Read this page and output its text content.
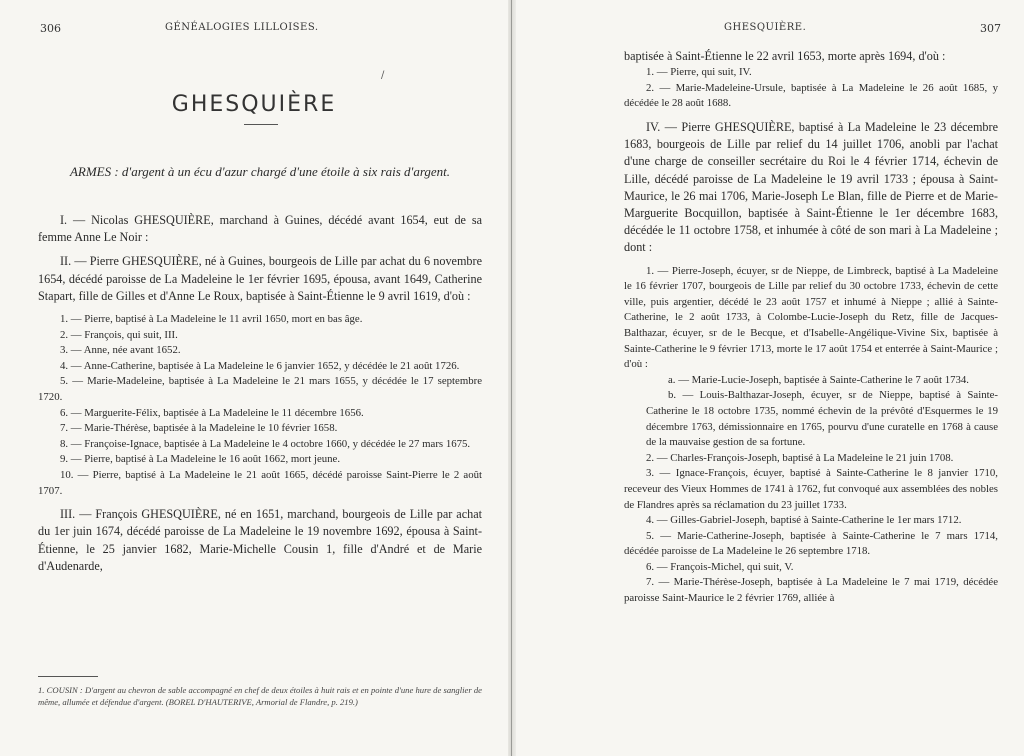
306	GÉNÉALOGIES LILLOISES.
/
GHESQUIÈRE
ARMES : d'argent à un écu d'azur chargé d'une étoile à six rais d'argent.

I. — Nicolas GHESQUIÈRE, marchand à Guines, décédé avant 1654, eut de sa femme Anne Le Noir :

II. — Pierre GHESQUIÈRE, né à Guines, bourgeois de Lille par achat du 6 novembre 1654, décédé paroisse de La Madeleine le 1er février 1695, épousa, avant 1649, Catherine Stapart, fille de Gilles et d'Anne Le Roux, baptisée à Saint-Étienne le 9 avril 1619, d'où :

1. — Pierre, baptisé à La Madeleine le 11 avril 1650, mort en bas âge.

2. — François, qui suit, III.

3. — Anne, née avant 1652.

4. — Anne-Catherine, baptisée à La Madeleine le 6 janvier 1652, y décédée le 21 août 1726.

5. — Marie-Madeleine, baptisée à La Madeleine le 21 mars 1655, y décédée le 17 septembre 1720.

6. — Marguerite-Félix, baptisée à La Madeleine le 11 décembre 1656.

7. — Marie-Thérèse, baptisée à la Madeleine le 10 février 1658.

8. — Françoise-Ignace, baptisée à La Madeleine le 4 octobre 1660, y décédée le 27 mars 1675.

9. — Pierre, baptisé à La Madeleine le 16 août 1662, mort jeune.

10. — Pierre, baptisé à La Madeleine le 21 août 1665, décédé paroisse Saint-Pierre le 2 août 1707.

III. — François GHESQUIÈRE, né en 1651, marchand, bourgeois de Lille par achat du 1er juin 1674, décédé paroisse de La Madeleine le 19 novembre 1692, épousa à Saint-Étienne, le 25 janvier 1682, Marie-Michelle Cousin 1, fille d'André et de Marie d'Audenarde,

1. COUSIN : D'argent au chevron de sable accompagné en chef de deux étoiles à huit rais et en pointe d'une hure de sanglier de même, allumée et défendue d'argent. (BOREL D'HAUTERIVE, Armorial de Flandre, p. 219.)
GHESQUIÈRE.	307

baptisée à Saint-Étienne le 22 avril 1653, morte après 1694, d'où :

1. — Pierre, qui suit, IV.

2. — Marie-Madeleine-Ursule, baptisée à La Madeleine le 26 août 1685, y décédée le 28 août 1688.

IV. — Pierre GHESQUIÈRE, baptisé à La Madeleine le 23 décembre 1683, bourgeois de Lille par relief du 14 juillet 1706, anobli par l'achat d'une charge de conseiller secrétaire du Roi le 4 février 1714, échevin de Lille, décédé paroisse de La Madeleine le 19 avril 1733 ; épousa à Saint-Maurice, le 26 mai 1706, Marie-Joseph Le Blan, fille de Pierre et de Marie-Marguerite Bocquillon, baptisée à Saint-Étienne le 1er décembre 1683, décédée le 11 octobre 1758, et inhumée à côté de son mari à La Madeleine ; dont :

1. — Pierre-Joseph, écuyer, sr de Nieppe, de Limbreck, baptisé à La Madeleine le 16 février 1707, bourgeois de Lille par relief du 30 octobre 1733, échevin de cette ville, puis argentier, décédé le 23 août 1757 et inhumé à Nieppe ; allié à Sainte-Catherine, le 2 août 1733, à Colombe-Lucie-Joseph du Retz, fille de Jacques-Balthazar, écuyer, sr de le Becque, et d'Isabelle-Angélique-Vivine Six, baptisée à Sainte-Catherine le 9 février 1713, morte le 17 août 1754 et enterrée à Saint-Maurice ; d'où :

a. — Marie-Lucie-Joseph, baptisée à Sainte-Catherine le 7 août 1734.

b. — Louis-Balthazar-Joseph, écuyer, sr de Nieppe, baptisé à Sainte-Catherine le 18 octobre 1735, nommé échevin de la prévôté d'Esquermes le 19 décembre 1763, démissionnaire en 1765, pourvu d'une curatelle en 1768 à cause de la mauvaise gestion de sa fortune.

2. — Charles-François-Joseph, baptisé à La Madeleine le 21 juin 1708.

3. — Ignace-François, écuyer, baptisé à Sainte-Catherine le 8 janvier 1710, receveur des Vieux Hommes de 1741 à 1762, fut convoqué aux assemblées des nobles de Flandres après sa réclamation du 23 juillet 1733.

4. — Gilles-Gabriel-Joseph, baptisé à Sainte-Catherine le 1er mars 1712.

5. — Marie-Catherine-Joseph, baptisée à Sainte-Catherine le 7 mars 1714, décédée paroisse de La Madeleine le 26 septembre 1718.

6. — François-Michel, qui suit, V.

7. — Marie-Thérèse-Joseph, baptisée à La Madeleine le 7 mai 1719, décédée paroisse Saint-Maurice le 2 février 1769, alliée à
